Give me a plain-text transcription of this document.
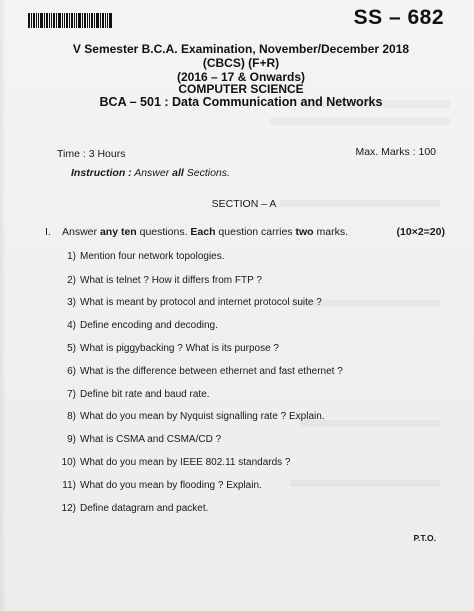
SS – 682
V Semester B.C.A. Examination, November/December 2018
(CBCS) (F+R)
(2016 – 17 & Onwards)
COMPUTER SCIENCE
BCA – 501 : Data Communication and Networks
Time : 3 Hours	Max. Marks : 100
Instruction : Answer all Sections.
SECTION – A
I. Answer any ten questions. Each question carries two marks.	(10×2=20)
1) Mention four network topologies.
2) What is telnet ? How it differs from FTP ?
3) What is meant by protocol and internet protocol suite ?
4) Define encoding and decoding.
5) What is piggybacking ? What is its purpose ?
6) What is the difference between ethernet and fast ethernet ?
7) Define bit rate and baud rate.
8) What do you mean by Nyquist signalling rate ? Explain.
9) What is CSMA and CSMA/CD ?
10) What do you mean by IEEE 802.11 standards ?
11) What do you mean by flooding ? Explain.
12) Define datagram and packet.
P.T.O.
